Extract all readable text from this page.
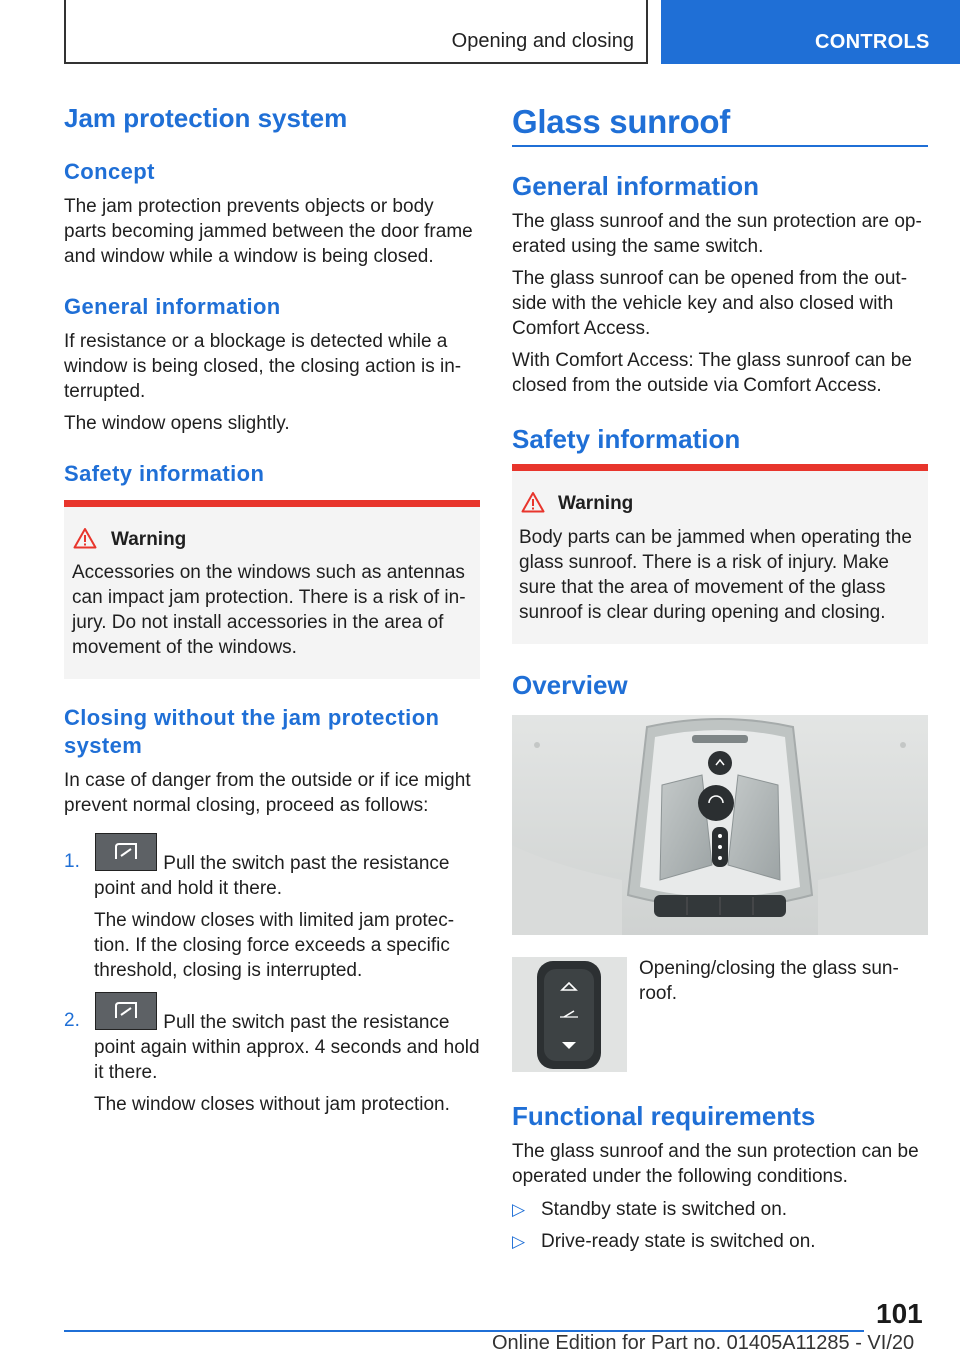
Opening and closing	CONTROLS
Jam protection system
Concept

The jam protection prevents objects or body

parts becoming jammed between the door frame

and window while a window is being closed.

General information

If resistance or a blockage is detected while a

window is being closed, the closing action is in-

terrupted.

The window opens slightly.

Safety information
Warning

Accessories on the windows such as antennas

can impact jam protection. There is a risk of in-

jury. Do not install accessories in the area of

movement of the windows.

Closing without the jam protection
system

In case of danger from the outside or if ice might

prevent normal closing, proceed as follows:

1.	Pull the switch past the resistance

point and hold it there.

The window closes with limited jam protec-

tion. If the closing force exceeds a specific

threshold, closing is interrupted.

2.	Pull the switch past the resistance

point again within approx. 4 seconds and hold

it there.

The window closes without jam protection.

Glass sunroof
General information

The glass sunroof and the sun protection are op-

erated using the same switch.

The glass sunroof can be opened from the out-

side with the vehicle key and also closed with

Comfort Access.

With Comfort Access: The glass sunroof can be

closed from the outside via Comfort Access.

Safety information
Warning

Body parts can be jammed when operating the

glass sunroof. There is a risk of injury. Make

sure that the area of movement of the glass

sunroof is clear during opening and closing.

Overview

Opening/closing the glass sun-

roof.

Functional requirements

The glass sunroof and the sun protection can be

operated under the following conditions.

▷ Standby state is switched on.

▷ Drive-ready state is switched on.

101
Online Edition for Part no. 01405A11285 - VI/20
